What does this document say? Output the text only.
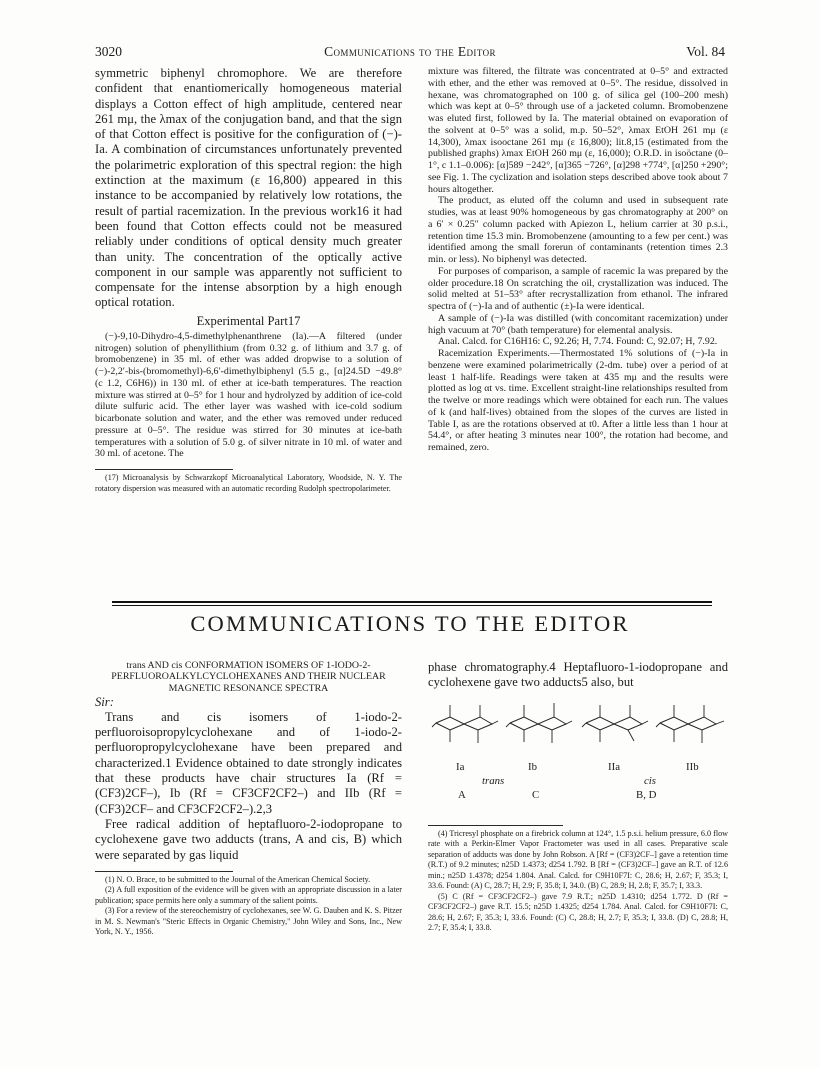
3020	Communications to the Editor	Vol. 84

symmetric biphenyl chromophore. We are therefore confident that enantiomerically homogeneous material displays a Cotton effect of high amplitude, centered near 261 mμ, the λmax of the conjugation band, and that the sign of that Cotton effect is positive for the configuration of (−)-Ia. A combination of circumstances unfortunately prevented the polarimetric exploration of this spectral region: the high extinction at the maximum (ε 16,800) appeared in this instance to be accompanied by relatively low rotations, the result of partial racemization. In the previous work16 it had been found that Cotton effects could not be measured reliably under conditions of optical density much greater than unity. The concentration of the optically active component in our sample was apparently not sufficient to compensate for the intense absorption by a high enough optical rotation.

Experimental Part17

(−)-9,10-Dihydro-4,5-dimethylphenanthrene (Ia).—A filtered (under nitrogen) solution of phenyllithium (from 0.32 g. of lithium and 3.7 g. of bromobenzene) in 35 ml. of ether was added dropwise to a solution of (−)-2,2′-bis-(bromomethyl)-6,6′-dimethylbiphenyl (5.5 g., [α]24.5D −49.8° (c 1.2, C6H6)) in 130 ml. of ether at ice-bath temperatures. The reaction mixture was stirred at 0–5° for 1 hour and hydrolyzed by addition of ice-cold dilute sulfuric acid. The ether layer was washed with ice-cold sodium bicarbonate solution and water, and the ether was removed under reduced pressure at 0–5°. The residue was stirred for 30 minutes at ice-bath temperatures with a solution of 5.0 g. of silver nitrate in 10 ml. of water and 30 ml. of acetone. The

(17) Microanalysis by Schwarzkopf Microanalytical Laboratory, Woodside, N. Y. The rotatory dispersion was measured with an automatic recording Rudolph spectropolarimeter.

mixture was filtered, the filtrate was concentrated at 0–5° and extracted with ether, and the ether was removed at 0–5°. The residue, dissolved in hexane, was chromatographed on 100 g. of silica gel (100–200 mesh) which was kept at 0–5° through use of a jacketed column. Bromobenzene was eluted first, followed by Ia. The material obtained on evaporation of the solvent at 0–5° was a solid, m.p. 50–52°, λmax EtOH 261 mμ (ε 14,300), λmax isooctane 261 mμ (ε 16,800); lit.8,15 (estimated from the published graphs) λmax EtOH 260 mμ (ε, 16,000); O.R.D. in isoöctane (0–1°, c 1.1–0.006): [α]589 −242°, [α]365 −726°, [α]298 +774°, [α]250 +290°; see Fig. 1. The cyclization and isolation steps described above took about 7 hours altogether.

The product, as eluted off the column and used in subsequent rate studies, was at least 90% homogeneous by gas chromatography at 200° on a 6′ × 0.25″ column packed with Apiezon L, helium carrier at 30 p.s.i., retention time 15.3 min. Bromobenzene (amounting to a few per cent.) was identified among the small forerun of contaminants (retention times 2.3 min. or less). No biphenyl was detected.

For purposes of comparison, a sample of racemic Ia was prepared by the older procedure.18 On scratching the oil, crystallization was induced. The solid melted at 51–53° after recrystallization from ethanol. The infrared spectra of (−)-Ia and of authentic (±)-Ia were identical.

A sample of (−)-Ia was distilled (with concomitant racemization) under high vacuum at 70° (bath temperature) for elemental analysis.

Anal. Calcd. for C16H16: C, 92.26; H, 7.74. Found: C, 92.07; H, 7.92.

Racemization Experiments.—Thermostated 1% solutions of (−)-Ia in benzene were examined polarimetrically (2-dm. tube) over a period of at least 1 half-life. Readings were taken at 435 mμ and the results were plotted as log αt vs. time. Excellent straight-line relationships resulted from the twelve or more readings which were obtained for each run. The values of k (and half-lives) obtained from the slopes of the curves are listed in Table I, as are the rotations observed at t0. After a little less than 1 hour at 54.4°, or after heating 3 minutes near 100°, the rotation had become, and remained, zero.

COMMUNICATIONS TO THE EDITOR

trans AND cis CONFORMATION ISOMERS OF 1-IODO-2-PERFLUOROALKYLCYCLOHEXANES AND THEIR NUCLEAR MAGNETIC RESONANCE SPECTRA

Sir:

Trans and cis isomers of 1-iodo-2-perfluoroisopropylcyclohexane and of 1-iodo-2-perfluoropropylcyclohexane have been prepared and characterized.1 Evidence obtained to date strongly indicates that these products have chair structures Ia (Rf = (CF3)2CF–), Ib (Rf = CF3CF2CF2–) and IIb (Rf = (CF3)2CF– and CF3CF2CF2–).2,3

Free radical addition of heptafluoro-2-iodopropane to cyclohexene gave two adducts (trans, A and cis, B) which were separated by gas liquid

(1) N. O. Brace, to be submitted to the Journal of the American Chemical Society.

(2) A full exposition of the evidence will be given with an appropriate discussion in a later publication; space permits here only a summary of the salient points.

(3) For a review of the stereochemistry of cyclohexanes, see W. G. Dauben and K. S. Pitzer in M. S. Newman's "Steric Effects in Organic Chemistry," John Wiley and Sons, Inc., New York, N. Y., 1956.

phase chromatography.4 Heptafluoro-1-iodopropane and cyclohexene gave two adducts5 also, but

Ia	Ib	IIa	IIb
trans	cis
A	C	B, D

(4) Tricresyl phosphate on a firebrick column at 124°, 1.5 p.s.i. helium pressure, 6.0 flow rate with a Perkin-Elmer Vapor Fractometer was used in all cases. Preparative scale separation of adducts was done by John Robson. A [Rf = (CF3)2CF–] gave a retention time (R.T.) of 9.2 minutes; n25D 1.4373; d254 1.792. B [Rf = (CF3)2CF–] gave an R.T. of 12.6 min.; n25D 1.4378; d254 1.804. Anal. Calcd. for C9H10F7I: C, 28.6; H, 2.67; F, 35.3; I, 33.6. Found: (A) C, 28.7; H, 2.9; F, 35.8; I, 34.0. (B) C, 28.9; H, 2.8; F, 35.7; I, 33.3.

(5) C (Rf = CF3CF2CF2–) gave 7.9 R.T.; n25D 1.4310; d254 1.772. D (Rf = CF3CF2CF2–) gave R.T. 15.5; n25D 1.4325; d254 1.784. Anal. Calcd. for C9H10F7I: C, 28.6; H, 2.67; F, 35.3; I, 33.6. Found: (C) C, 28.8; H, 2.7; F, 35.3; I, 33.8. (D) C, 28.8; H, 2.7; F, 35.4; I, 33.8.
